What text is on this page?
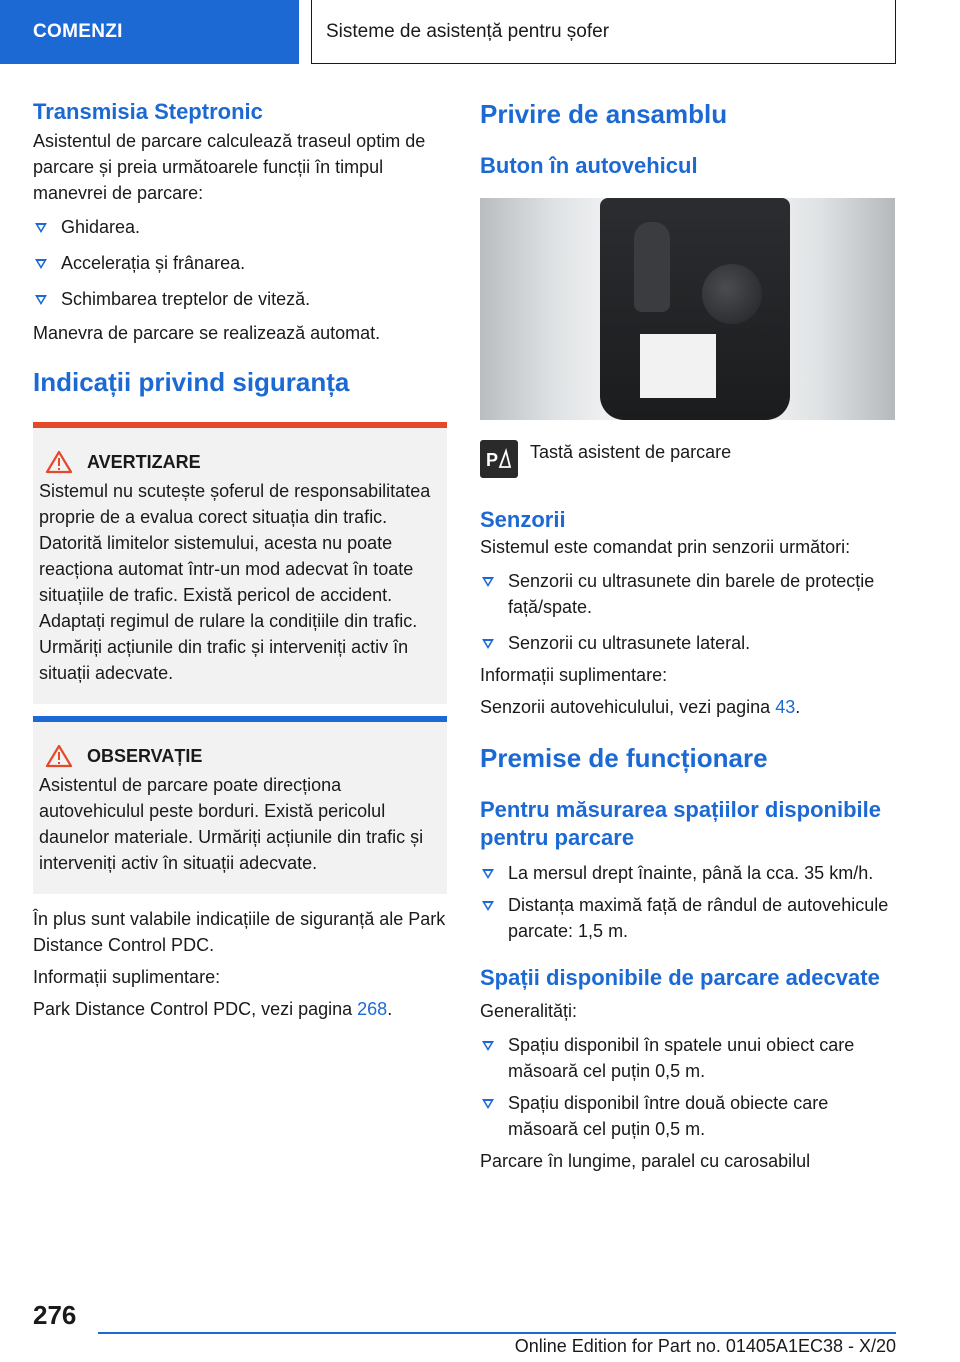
COMENZI	Sisteme de asistență pentru șofer
Transmisia Steptronic

Asistentul de parcare calculează traseul optim de parcare și preia următoarele funcții în timpul manevrei de parcare:

Ghidarea.
Accelerația și frânarea.
Schimbarea treptelor de viteză.

Manevra de parcare se realizează automat.

Indicații privind siguranța
AVERTIZARE

Sistemul nu scutește șoferul de responsabilitatea proprie de a evalua corect situația din trafic. Datorită limitelor sistemului, acesta nu poate reacționa automat într-un mod adecvat în toate situațiile de trafic. Există pericol de accident. Adaptați regimul de rulare la condițiile din trafic. Urmăriți acțiunile din trafic și interveniți activ în situații adecvate.

OBSERVAȚIE

Asistentul de parcare poate direcționa autovehiculul peste borduri. Există pericolul daunelor materiale. Urmăriți acțiunile din trafic și interveniți activ în situații adecvate.

În plus sunt valabile indicațiile de siguranță ale Park Distance Control PDC.

Informații suplimentare:

Park Distance Control PDC, vezi pagina 268.

Privire de ansamblu
Buton în autovehicul
P Tastă asistent de parcare
Senzorii

Sistemul este comandat prin senzorii următori:

Senzorii cu ultrasunete din barele de protecție față/spate.
Senzorii cu ultrasunete lateral.

Informații suplimentare:

Senzorii autovehiculului, vezi pagina 43.

Premise de funcționare
Pentru măsurarea spațiilor disponibile pentru parcare
La mersul drept înainte, până la cca. 35 km/h.
Distanța maximă față de rândul de autovehicule parcate: 1,5 m.
Spații disponibile de parcare adecvate

Generalități:

Spațiu disponibil în spatele unui obiect care măsoară cel puțin 0,5 m.
Spațiu disponibil între două obiecte care măsoară cel puțin 0,5 m.

Parcare în lungime, paralel cu carosabilul

276
Online Edition for Part no. 01405A1EC38 - X/20
